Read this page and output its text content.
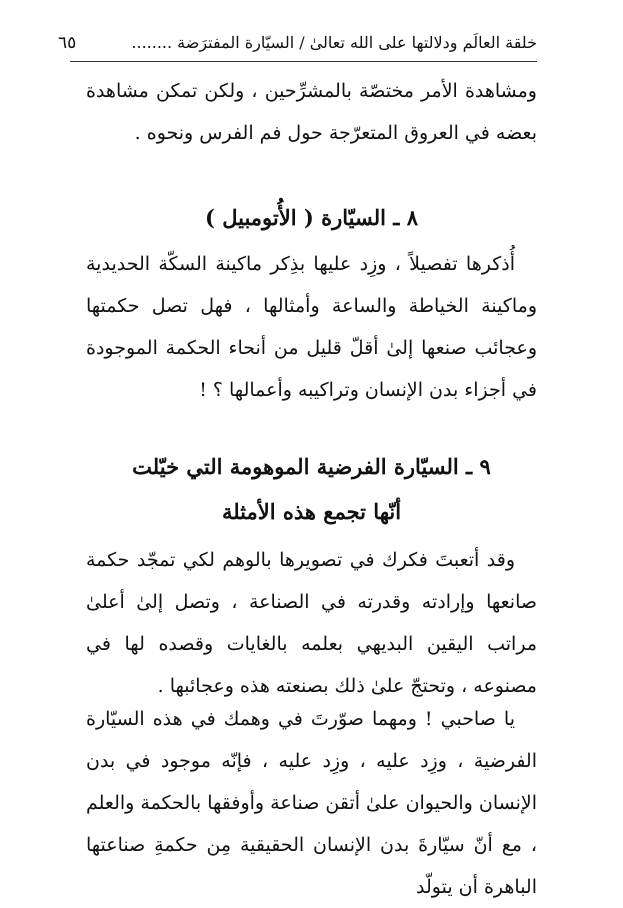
خلقة العالَم ودلالتها على الله تعالىٰ / السيّارة المفترَضة ........
٦٥

ومشاهدة الأمر مختصّة بالمشرِّحين ، ولكن تمكن مشاهدة بعضه في العروق المتعرّجة حول فم الفرس ونحوه .

٨ ـ السيّارة ( الأُتومبيل )

أُذكرها تفصيلاً ، وزِد عليها بذِكر ماكينة السكّة الحديدية وماكينة الخياطة والساعة وأمثالها ، فهل تصل حكمتها وعجائب صنعها إلىٰ أقلّ قليل من أنحاء الحكمة الموجودة في أجزاء بدن الإنسان وتراكيبه وأعمالها ؟ !

٩ ـ السيّارة الفرضية الموهومة التي خيّلت
أنّها تجمع هذه الأمثلة

وقد أتعبتَ فكرك في تصويرها بالوهم لكي تمجّد حكمة صانعها وإرادته وقدرته في الصناعة ، وتصل إلىٰ أعلىٰ مراتب اليقين البديهي بعلمه بالغايات وقصده لها في مصنوعه ، وتحتجّ علىٰ ذلك بصنعته هذه وعجائبها .

يا صاحبي ! ومهما صوّرتَ في وهمك في هذه السيّارة الفرضية ، وزِد عليه ، وزِد عليه ، فإنّه موجود في بدن الإنسان والحيوان علىٰ أتقن صناعة وأوفقها بالحكمة والعلم ، مع أنّ سيّارةَ بدن الإنسان الحقيقية مِن حكمةِ صناعتها الباهرة أن يتولّد
